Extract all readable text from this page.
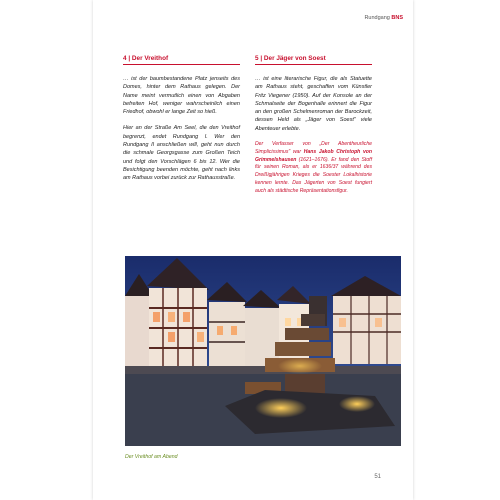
Rundgang BNS
4 | Der Vreithof

… ist der baumbestandene Platz jenseits des Domes, hinter dem Rathaus gelegen. Der Name meint vermutlich einen von Abgaben befreiten Hof, weniger wahrscheinlich einen Friedhof, obwohl er lange Zeit so hieß.

Hier an der Straße Am Seel, die den Vreithof begrenzt, endet Rundgang I. Wer den Rundgang II anschließen will, geht nun durch die schmale Georgsgasse zum Großen Teich und folgt den Vorschlägen 6 bis 12. Wer die Besichtigung beenden möchte, geht nach links am Rathaus vorbei zurück zur Rathausstraße.

5 | Der Jäger von Soest

… ist eine literarische Figur, die als Statuette am Rathaus steht, geschaffen vom Künstler Fritz Viegener (1950). Auf der Konsole an der Schmalseite der Bogenhalle erinnert die Figur an den großen Schelmenroman der Barockzeit, dessen Held als „Jäger von Soest" viele Abenteuer erlebte.

Der Verfasser von „Der Abentheurliche Simplicissimus" war Hans Jakob Christoph von Grimmelshausen (1621–1676). Er fand den Stoff für seinen Roman, als er 1636/37 während des Dreißigjährigen Krieges die Soester Lokalhistorie kennen lernte. Das Jägerten von Soest fungiert auch als städtische Repräsentationsfigur.

Der Vreithof am Abend
51
